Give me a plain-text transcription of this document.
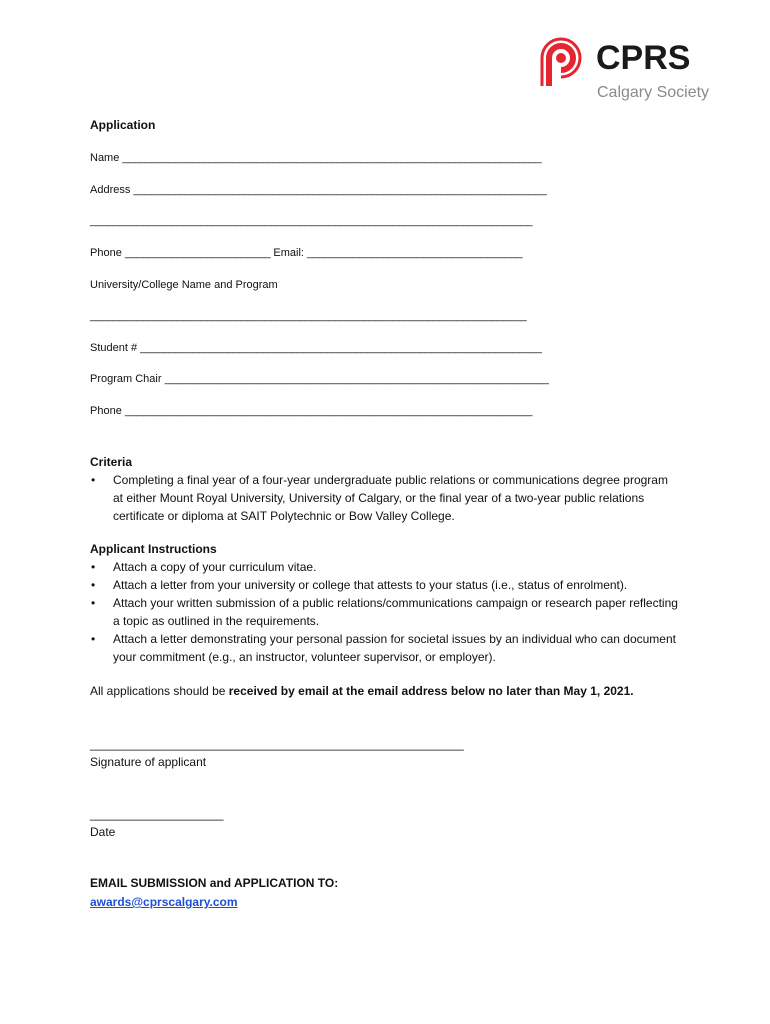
CPRS
Calgary Society
Application
Name ________________________________________________________________________
Address _______________________________________________________________________
____________________________________________________________________________
Phone _________________________ Email: _____________________________________
University/College Name and Program
___________________________________________________________________________
Student # _____________________________________________________________________
Program Chair __________________________________________________________________
Phone ______________________________________________________________________
Criteria
• Completing a final year of a four-year undergraduate public relations or communications degree program at either Mount Royal University, University of Calgary, or the final year of a two-year public relations certificate or diploma at SAIT Polytechnic or Bow Valley College.
Applicant Instructions
• Attach a copy of your curriculum vitae.
• Attach a letter from your university or college that attests to your status (i.e., status of enrolment).
• Attach your written submission of a public relations/communications campaign or research paper reflecting a topic as outlined in the requirements.
• Attach a letter demonstrating your personal passion for societal issues by an individual who can document your commitment (e.g., an instructor, volunteer supervisor, or employer).
All applications should be received by email at the email address below no later than May 1, 2021.
________________________________________________________
Signature of applicant
____________________
Date
EMAIL SUBMISSION and APPLICATION TO:
awards@cprscalgary.com
